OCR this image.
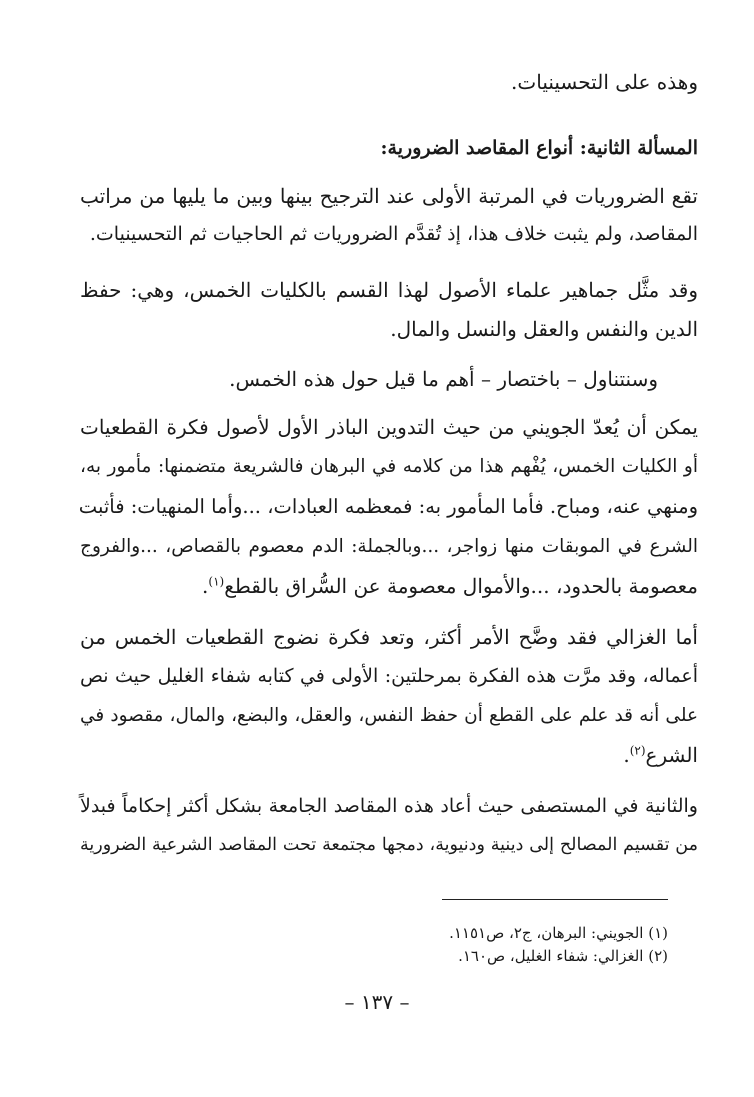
وهذه على التحسينيات.
المسألة الثانية: أنواع المقاصد الضرورية:
تقع الضروريات في المرتبة الأولى عند الترجيح بينها وبين ما يليها من مراتب
المقاصد، ولم يثبت خلاف هذا، إذ تُقدَّم الضروريات ثم الحاجيات ثم التحسينيات.
وقد مثَّل جماهير علماء الأصول لهذا القسم بالكليات الخمس، وهي: حفظ
الدين والنفس والعقل والنسل والمال.
وسنتناول – باختصار – أهم ما قيل حول هذه الخمس.
يمكن أن يُعدّ الجويني من حيث التدوين الباذر الأول لأصول فكرة القطعيات
أو الكليات الخمس، يُفْهم هذا من كلامه في البرهان فالشريعة متضمنها: مأمور به،
ومنهي عنه، ومباح. فأما المأمور به: فمعظمه العبادات، ...وأما المنهيات: فأثبت
الشرع في الموبقات منها زواجر، ...وبالجملة: الدم معصوم بالقصاص، ...والفروج
معصومة بالحدود، ...والأموال معصومة عن السُّراق بالقطع$^{(١)}$.
أما الغزالي فقد وضَّح الأمر أكثر، وتعد فكرة نضوج القطعيات الخمس من
أعماله، وقد مرَّت هذه الفكرة بمرحلتين: الأولى في كتابه شفاء الغليل حيث نص
على أنه قد علم على القطع أن حفظ النفس، والعقل، والبضع، والمال، مقصود في
الشرع$^{(٢)}$.
والثانية في المستصفى حيث أعاد هذه المقاصد الجامعة بشكل أكثر إحكاماً فبدلاً
من تقسيم المصالح إلى دينية ودنيوية، دمجها مجتمعة تحت المقاصد الشرعية الضرورية
(١) الجويني: البرهان، ج٢، ص١١٥١.
(٢) الغزالي: شفاء الغليل، ص١٦٠.
– ١٣٧ –
